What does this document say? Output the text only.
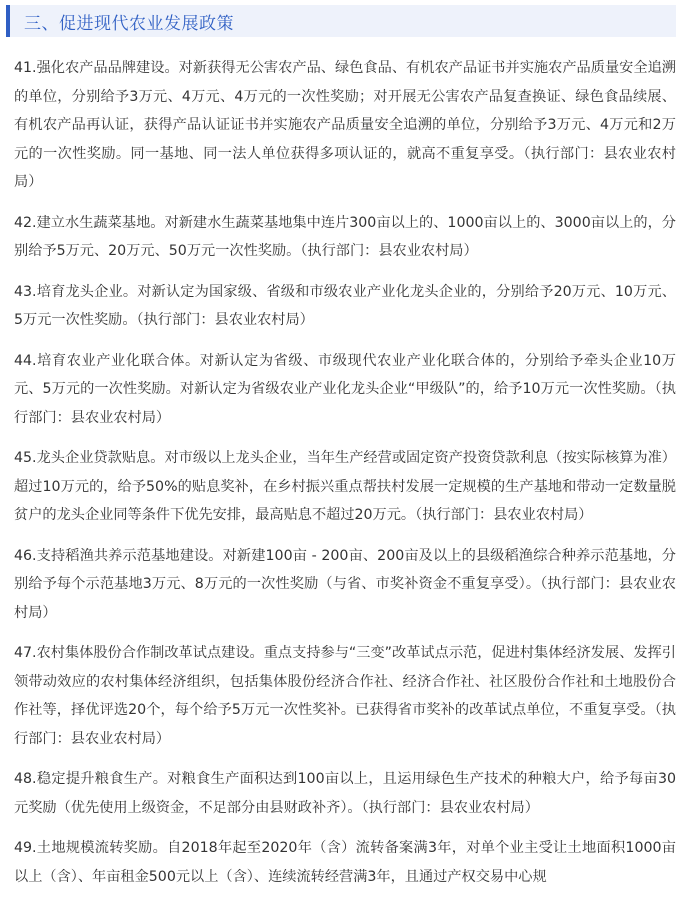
三、促进现代农业发展政策

41.强化农产品品牌建设。对新获得无公害农产品、绿色食品、有机农产品证书并实施农产品质量安全追溯的单位，分别给予3万元、4万元、4万元的一次性奖励；对开展无公害农产品复查换证、绿色食品续展、有机农产品再认证，获得产品认证证书并实施农产品质量安全追溯的单位，分别给予3万元、4万元和2万元的一次性奖励。同一基地、同一法人单位获得多项认证的，就高不重复享受。（执行部门：县农业农村局）

42.建立水生蔬菜基地。对新建水生蔬菜基地集中连片300亩以上的、1000亩以上的、3000亩以上的，分别给予5万元、20万元、50万元一次性奖励。（执行部门：县农业农村局）

43.培育龙头企业。对新认定为国家级、省级和市级农业产业化龙头企业的，分别给予20万元、10万元、5万元一次性奖励。（执行部门：县农业农村局）

44.培育农业产业化联合体。对新认定为省级、市级现代农业产业化联合体的，分别给予牵头企业10万元、5万元的一次性奖励。对新认定为省级农业产业化龙头企业“甲级队”的，给予10万元一次性奖励。（执行部门：县农业农村局）

45.龙头企业贷款贴息。对市级以上龙头企业，当年生产经营或固定资产投资贷款利息（按实际核算为准）超过10万元的，给予50%的贴息奖补，在乡村振兴重点帮扶村发展一定规模的生产基地和带动一定数量脱贫户的龙头企业同等条件下优先安排，最高贴息不超过20万元。（执行部门：县农业农村局）

46.支持稻渔共养示范基地建设。对新建100亩 - 200亩、200亩及以上的县级稻渔综合种养示范基地，分别给予每个示范基地3万元、8万元的一次性奖励（与省、市奖补资金不重复享受）。（执行部门：县农业农村局）

47.农村集体股份合作制改革试点建设。重点支持参与“三变”改革试点示范，促进村集体经济发展、发挥引领带动效应的农村集体经济组织，包括集体股份经济合作社、经济合作社、社区股份合作社和土地股份合作社等，择优评选20个，每个给予5万元一次性奖补。已获得省市奖补的改革试点单位，不重复享受。（执行部门：县农业农村局）

48.稳定提升粮食生产。对粮食生产面积达到100亩以上，且运用绿色生产技术的种粮大户，给予每亩30元奖励（优先使用上级资金，不足部分由县财政补齐）。（执行部门：县农业农村局）

49.土地规模流转奖励。自2018年起至2020年（含）流转备案满3年，对单个业主受让土地面积1000亩以上（含）、年亩租金500元以上（含）、连续流转经营满3年，且通过产权交易中心规
